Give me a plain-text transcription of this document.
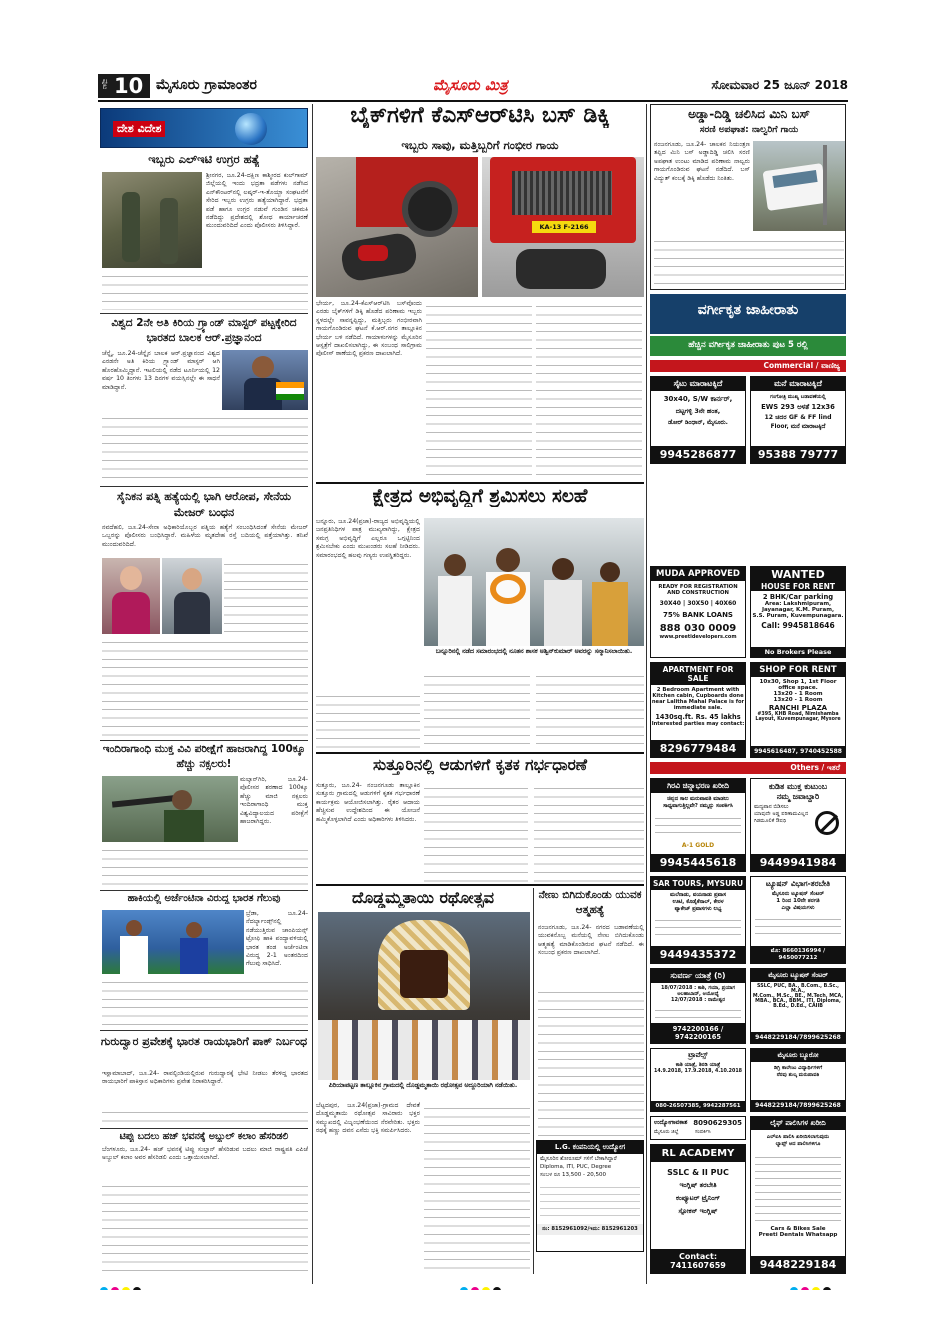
ಪುಟ 10 ಮೈಸೂರು ಗ್ರಾಮಾಂತರ	ಮೈಸೂರು ಮಿತ್ರ	ಸೋಮವಾರ 25 ಜೂನ್ 2018
ದೇಶ ವಿದೇಶ
ಇಬ್ಬರು ಎಲ್‌ಇಟಿ ಉಗ್ರರ ಹತ್ಯೆ
ಶ್ರೀನಗರ, ಜೂ.24-ದಕ್ಷಿಣ ಕಾಶ್ಮೀರದ ಕುಲ್‌ಗಾಮ್ ಜಿಲ್ಲೆಯಲ್ಲಿ ಇಂದು ಭದ್ರತಾ ಪಡೆಗಳು ನಡೆಸಿದ ಎನ್‌ಕೌಂಟರ್‌ನಲ್ಲಿ ಲಷ್ಕರ್-ಇ-ತೊಯ್ಬಾ ಸಂಘಟನೆಗೆ ಸೇರಿದ ಇಬ್ಬರು ಉಗ್ರರು ಹತ್ಯೆಯಾಗಿದ್ದಾರೆ. ಭದ್ರತಾ ಪಡೆ ಹಾಗೂ ಉಗ್ರರ ನಡುವೆ ಗುಂಡಿನ ಚಕಮಕಿ ನಡೆದಿದ್ದು ಪ್ರದೇಶದಲ್ಲಿ ಶೋಧ ಕಾರ್ಯಾಚರಣೆ ಮುಂದುವರಿದಿದೆ ಎಂದು ಪೊಲೀಸರು ತಿಳಿಸಿದ್ದಾರೆ.
ವಿಶ್ವದ 2ನೇ ಅತಿ ಕಿರಿಯ ಗ್ರ್ಯಾಂಡ್ ಮಾಸ್ಟರ್ ಪಟ್ಟಕ್ಕೇರಿದ ಭಾರತದ ಬಾಲಕ ಆರ್.ಪ್ರಜ್ಞಾನಂದ
ಚೆನ್ನೈ, ಜೂ.24-ಚೆನ್ನೈನ ಬಾಲಕ ಆರ್.ಪ್ರಜ್ಞಾನಂದ ವಿಶ್ವದ ಎರಡನೇ ಅತಿ ಕಿರಿಯ ಗ್ರ್ಯಾಂಡ್ ಮಾಸ್ಟರ್ ಆಗಿ ಹೊರಹೊಮ್ಮಿದ್ದಾನೆ. ಇಟಲಿಯಲ್ಲಿ ನಡೆದ ಟೂರ್ನಿಯಲ್ಲಿ 12 ವರ್ಷ 10 ತಿಂಗಳು 13 ದಿನಗಳ ವಯಸ್ಸಿನಲ್ಲೇ ಈ ಸಾಧನೆ ಮಾಡಿದ್ದಾನೆ.
ಸೈನಿಕನ ಪತ್ನಿ ಹತ್ಯೆಯಲ್ಲಿ ಭಾಗಿ ಆರೋಪ, ಸೇನೆಯ ಮೇಜರ್ ಬಂಧನ
ನವದೆಹಲಿ, ಜೂ.24-ಸೇನಾ ಅಧಿಕಾರಿಯೊಬ್ಬರ ಪತ್ನಿಯ ಹತ್ಯೆಗೆ ಸಂಬಂಧಿಸಿದಂತೆ ಸೇನೆಯ ಮೇಜರ್ ಒಬ್ಬರನ್ನು ಪೊಲೀಸರು ಬಂಧಿಸಿದ್ದಾರೆ. ಮಹಿಳೆಯ ಮೃತದೇಹ ರಸ್ತೆ ಬದಿಯಲ್ಲಿ ಪತ್ತೆಯಾಗಿತ್ತು. ತನಿಖೆ ಮುಂದುವರಿದಿದೆ.
ಇಂದಿರಾಗಾಂಧಿ ಮುಕ್ತ ವಿವಿ ಪರೀಕ್ಷೆಗೆ ಹಾಜರಾಗಿದ್ದ 100ಕ್ಕೂ ಹೆಚ್ಚು ನಕ್ಸಲರು!
ಮಲ್ಕಾನ್‌ಗಿರಿ, ಜೂ.24- ಪೊಲೀಸರ ಶರಣಾದ 100ಕ್ಕೂ ಹೆಚ್ಚು ಮಾಜಿ ನಕ್ಸಲರು ಇಂದಿರಾಗಾಂಧಿ ಮುಕ್ತ ವಿಶ್ವವಿದ್ಯಾಲಯದ ಪರೀಕ್ಷೆಗೆ ಹಾಜರಾಗಿದ್ದರು.
ಹಾಕಿಯಲ್ಲಿ ಅರ್ಜೆಂಟಿನಾ ವಿರುದ್ಧ ಭಾರತ ಗೆಲುವು
ಬ್ರೆಡಾ, ಜೂ.24-ನೆದರ್ಲ್ಯಾಂಡ್ಸ್‌ನಲ್ಲಿ ನಡೆಯುತ್ತಿರುವ ಚಾಂಪಿಯನ್ಸ್ ಟ್ರೋಫಿ ಹಾಕಿ ಪಂದ್ಯಾವಳಿಯಲ್ಲಿ ಭಾರತ ತಂಡ ಅರ್ಜೆಂಟಿನಾ ವಿರುದ್ಧ 2-1 ಅಂತರದಿಂದ ಗೆಲುವು ಸಾಧಿಸಿದೆ.
ಗುರುದ್ವಾರ ಪ್ರವೇಶಕ್ಕೆ ಭಾರತ ರಾಯಭಾರಿಗೆ ಪಾಕ್ ನಿರ್ಬಂಧ
ಇಸ್ಲಾಮಾಬಾದ್, ಜೂ.24- ರಾವಲ್ಪಿಂಡಿಯಲ್ಲಿರುವ ಗುರುದ್ವಾರಕ್ಕೆ ಭೇಟಿ ನೀಡಲು ತೆರಳಿದ್ದ ಭಾರತದ ರಾಯಭಾರಿಗೆ ಪಾಕಿಸ್ತಾನ ಅಧಿಕಾರಿಗಳು ಪ್ರವೇಶ ನಿರಾಕರಿಸಿದ್ದಾರೆ.
ಟಿಪ್ಪು ಬದಲು ಹಜ್ ಭವನಕ್ಕೆ ಅಬ್ದುಲ್ ಕಲಾಂ ಹೆಸರಿಡಲಿ
ಬೆಂಗಳೂರು, ಜೂ.24- ಹಜ್ ಭವನಕ್ಕೆ ಟಿಪ್ಪು ಸುಲ್ತಾನ್ ಹೆಸರಿಡುವ ಬದಲು ಮಾಜಿ ರಾಷ್ಟ್ರಪತಿ ಎಪಿಜೆ ಅಬ್ದುಲ್ ಕಲಾಂ ಅವರ ಹೆಸರಿಡಲಿ ಎಂದು ಒತ್ತಾಯಿಸಲಾಗಿದೆ.
ಬೈಕ್‌ಗಳಿಗೆ ಕೆಎಸ್ಆರ್‌ಟಿಸಿ ಬಸ್ ಡಿಕ್ಕಿ
ಇಬ್ಬರು ಸಾವು, ಮತ್ತಿಬ್ಬರಿಗೆ ಗಂಭೀರ ಗಾಯ
KA-13 F-2166
ಭೇರ್ಯ, ಜೂ.24-ಕೆಎಸ್‌ಆರ್‌ಟಿಸಿ ಬಸ್‌ವೊಂದು ಎರಡು ಬೈಕ್‌ಗಳಿಗೆ ಡಿಕ್ಕಿ ಹೊಡೆದ ಪರಿಣಾಮ ಇಬ್ಬರು ಸ್ಥಳದಲ್ಲೇ ಸಾವನ್ನಪ್ಪಿದ್ದು, ಮತ್ತಿಬ್ಬರು ಗಂಭೀರವಾಗಿ ಗಾಯಗೊಂಡಿರುವ ಘಟನೆ ಕೆ.ಆರ್.ನಗರ ತಾಲ್ಲೂಕಿನ ಭೇರ್ಯ ಬಳಿ ನಡೆದಿದೆ. ಗಾಯಾಳುಗಳನ್ನು ಮೈಸೂರಿನ ಆಸ್ಪತ್ರೆಗೆ ದಾಖಲಿಸಲಾಗಿದ್ದು, ಈ ಸಂಬಂಧ ಸಾಲಿಗ್ರಾಮ ಪೊಲೀಸ್ ಠಾಣೆಯಲ್ಲಿ ಪ್ರಕರಣ ದಾಖಲಾಗಿದೆ.
ಕ್ಷೇತ್ರದ ಅಭಿವೃದ್ಧಿಗೆ ಶ್ರಮಿಸಲು ಸಲಹೆ
ಬನ್ನೂರು, ಜೂ.24(ಪ್ರಜಾ)-ರಾಜ್ಯದ ಅಭಿವೃದ್ಧಿಯಲ್ಲಿ ಜನಪ್ರತಿನಿಧಿಗಳ ಪಾತ್ರ ಮುಖ್ಯವಾಗಿದ್ದು, ಕ್ಷೇತ್ರದ ಸಮಗ್ರ ಅಭಿವೃದ್ಧಿಗೆ ಎಲ್ಲರೂ ಒಗ್ಗಟ್ಟಿನಿಂದ ಶ್ರಮಿಸಬೇಕು ಎಂದು ಮುಖಂಡರು ಸಲಹೆ ನೀಡಿದರು. ಸಮಾರಂಭದಲ್ಲಿ ಹಲವು ಗಣ್ಯರು ಉಪಸ್ಥಿತರಿದ್ದರು.
ಬನ್ನೂರಿನಲ್ಲಿ ನಡೆದ ಸಮಾರಂಭದಲ್ಲಿ ನೂತನ ಶಾಸಕ ಅಶ್ವಿನ್‌ಕುಮಾರ್ ಅವರನ್ನು ಸನ್ಮಾನಿಸಲಾಯಿತು.
ಸುತ್ತೂರಿನಲ್ಲಿ ಆಡುಗಳಿಗೆ ಕೃತಕ ಗರ್ಭಧಾರಣೆ
ಸುತ್ತೂರು, ಜೂ.24- ನಂಜನಗೂಡು ತಾಲ್ಲೂಕಿನ ಸುತ್ತೂರು ಗ್ರಾಮದಲ್ಲಿ ಆಡುಗಳಿಗೆ ಕೃತಕ ಗರ್ಭಧಾರಣೆ ಕಾರ್ಯಕ್ರಮ ಆಯೋಜಿಸಲಾಗಿತ್ತು. ರೈತರ ಆದಾಯ ಹೆಚ್ಚಿಸುವ ಉದ್ದೇಶದಿಂದ ಈ ಯೋಜನೆ ಹಮ್ಮಿಕೊಳ್ಳಲಾಗಿದೆ ಎಂದು ಅಧಿಕಾರಿಗಳು ತಿಳಿಸಿದರು.
ದೊಡ್ಡಮ್ಮತಾಯಿ ರಥೋತ್ಸವ
ಪಿರಿಯಾಪಟ್ಟಣ ತಾಲ್ಲೂಕಿನ ಗ್ರಾಮದಲ್ಲಿ ದೊಡ್ಡಮ್ಮತಾಯಿ ರಥೋತ್ಸವ ಅದ್ದೂರಿಯಾಗಿ ನಡೆಯಿತು.
ಬೆಟ್ಟದಪುರ, ಜೂ.24(ಪ್ರಜಾ)-ಗ್ರಾಮದ ದೇವತೆ ದೊಡ್ಡಮ್ಮತಾಯಿ ರಥೋತ್ಸವ ಸಾವಿರಾರು ಭಕ್ತರ ಸಮ್ಮುಖದಲ್ಲಿ ವಿಜೃಂಭಣೆಯಿಂದ ನೆರವೇರಿತು. ಭಕ್ತರು ರಥಕ್ಕೆ ಹಣ್ಣು ದವನ ಎಸೆದು ಭಕ್ತಿ ಸಮರ್ಪಿಸಿದರು.
ನೇಣು ಬಿಗಿದುಕೊಂಡು ಯುವಕ ಆತ್ಮಹತ್ಯೆ
ನಂಜನಗೂಡು, ಜೂ.24- ನಗರದ ಬಡಾವಣೆಯಲ್ಲಿ ಯುವಕನೊಬ್ಬ ಮನೆಯಲ್ಲಿ ನೇಣು ಬಿಗಿದುಕೊಂಡು ಆತ್ಮಹತ್ಯೆ ಮಾಡಿಕೊಂಡಿರುವ ಘಟನೆ ನಡೆದಿದೆ. ಈ ಸಂಬಂಧ ಪ್ರಕರಣ ದಾಖಲಾಗಿದೆ.
L.G. ಕಂಪನಿಯಲ್ಲಿ ಉದ್ಯೋಗ
ಮೈಸೂರಿನ ಶೋರೂಮ್ ಗಳಿಗೆ ಬೇಕಾಗಿದ್ದಾರೆ
Diploma, ITI, PUC, Degree
ಸಂಬಳ ರೂ 13,500 - 20,500
ನಂ: 8152961092/ಇದು: 8152961203
ಅಡ್ಡಾ-ದಿಡ್ಡಿ ಚಲಿಸಿದ ಮಿನಿ ಬಸ್
ಸರಣಿ ಅಪಘಾತ: ನಾಲ್ವರಿಗೆ ಗಾಯ
ನಂಜನಗೂಡು, ಜೂ.24- ಚಾಲಕನ ನಿಯಂತ್ರಣ ತಪ್ಪಿದ ಮಿನಿ ಬಸ್ ಅಡ್ಡಾದಿಡ್ಡಿ ಚಲಿಸಿ ಸರಣಿ ಅಪಘಾತ ಉಂಟು ಮಾಡಿದ ಪರಿಣಾಮ ನಾಲ್ವರು ಗಾಯಗೊಂಡಿರುವ ಘಟನೆ ನಡೆದಿದೆ. ಬಸ್ ವಿದ್ಯುತ್ ಕಂಬಕ್ಕೆ ಡಿಕ್ಕಿ ಹೊಡೆದು ನಿಂತಿತು.
ವರ್ಗೀಕೃತ ಜಾಹೀರಾತು
ಹೆಚ್ಚಿನ ವರ್ಗೀಕೃತ ಜಾಹೀರಾತು ಪುಟ 5 ರಲ್ಲಿ
Commercial / ವಾಣಿಜ್ಯ
ಸೈಟು ಮಾರಾಟಕ್ಕಿದೆ
30x40, S/W ಕಾರ್ನರ್,
ದಟ್ಟಗಳ್ಳಿ 3ನೇ ಹಂತ,
ಡೋರ್ ಡಿಂಧಾನ್, ಮೈಸೂರು.
9945286877
ಮನೆ ಮಾರಾಟಕ್ಕಿದೆ
ಗಂಗೋತ್ರಿ ಮುಖ್ಯ ಬಡಾವಣೆಯಲ್ಲಿ
EWS 293 ಅಳತೆ 12x36
12 ಚದರ GF & FF lind
Floor, ಮನೆ ಮಾರಾಟಕ್ಕಿದೆ
95388 79777
MUDA APPROVED
READY FOR REGISTRATION
AND CONSTRUCTION
30X40 | 30X50 | 40X60
75% BANK LOANS
888 030 0009
www.preetidevelopers.com
WANTED
HOUSE FOR RENT
2 BHK/Car parking
Area: Lakshmipuram,
Jayanagar, K.M. Puram,
S.S. Puram, Kuvempunagara.
Call: 9945818646
No Brokers Please
APARTMENT FOR SALE
2 Bedroom Apartment with
Kitchen cabin, Cupboards done
near Lalitha Mahal Palace is for
immediate sale.
1430sq.ft. Rs. 45 lakhs
Interested parties may contact:
8296779484
SHOP FOR RENT
10x30, Shop 1, 1st Floor
office space.
13x20 - 1 Room
13x20 - 1 Room
RANCHI PLAZA
#395, KHB Road, Nimishamba
Layout, Kuvempunagar, Mysore
9945616487, 9740452588
Others / ಇತರೆ
ಗಿರವಿ ಚಿನ್ನಾಭರಣ ಖರೀದಿ
ಚಿನ್ನದ ಸಾಲ ಮರುಪಾವತಿ ಮಾಡಲು
ಸಾಧ್ಯವಾಗುತ್ತಿಲ್ಲವೇ? ನಮ್ಮನ್ನು ಸಂಪರ್ಕಿಸಿ
A-1 GOLD
9945445618
ಕುಡಿತ ಮುಕ್ತ ಕುಟುಂಬ
ನಮ್ಮ ಜವಾಬ್ದಾರಿ
ಮದ್ಯಪಾನ ಬಿಡಿಸಲು
ಯಾವುದೇ ಅಡ್ಡ ಪರಿಣಾಮವಿಲ್ಲದ
ಗಿಡಮೂಲಿಕೆ ಔಷಧಿ
9449941984
SAR TOURS, MYSURU
ಮಲೆನಾಡು, ವಯನಾಡು ಪ್ರವಾಸ
ಊಟಿ, ಕೊಡೈಕೆನಾಲ್, ಕೇರಳ
ಪ್ಯಾಕೇಜ್ ಪ್ರವಾಸಗಳು ಲಭ್ಯ
9449435372
ಟ್ಯೂಷನ್ ವಿಭಾಗ-ತರಬೇತಿ
ಮೈಸೂರು ಟ್ಯೂಷನ್ ಸೆಂಟರ್
1 ರಿಂದ 10ನೇ ತರಗತಿ
ಎಲ್ಲಾ ವಿಷಯಗಳು
ಮೊ: 8660136994 / 9450077212
ಸುವರ್ಣ ಯಾತ್ರೆ (ರಿ)
18/07/2018 : ಕಾಶಿ, ಗಯಾ, ಪ್ರಯಾಗ
ಅಲಹಾಬಾದ್, ಅಯೋಧ್ಯೆ
12/07/2018 : ರಾಮೇಶ್ವರ
9742200166 / 9742200165
ಮೈಸೂರು ಟ್ಯೂಷನ್ ಸೆಂಟರ್
SSLC, PUC, BA., B.Com., B.Sc., M.A.,
M.Com., M.Sc., BE., M.Tech, MCA,
MBA., BCA., BBM., ITI, Diploma,
B.Ed., D.Ed., CAIIB
9448229184/7899625268
ಟ್ರಾವೆಲ್ಸ್
ಕಾಶಿ ಯಾತ್ರೆ, ಶಿರಡಿ ಯಾತ್ರೆ
14.9.2018, 17.9.2018, 4.10.2018
080-26507385, 9942287561
ಮೈಸೂರು ಬ್ಯೂರೋ
ಡಿಗ್ರಿ ಕಾಲೇಜು ವಿದ್ಯಾರ್ಥಿಗಳಿಗೆ
ನೆರವು ಶುಲ್ಕ ಮರುಪಾವತಿ
9448229184/7899625268
ಉದ್ಯೋಗಾವಕಾಶ
ಮೈಸೂರು ಜಿಲ್ಲೆ	ಸಂಪರ್ಕಿಸಿ
8090629305
RL ACADEMY
SSLC & II PUC
ಇಂಗ್ಲಿಷ್ ತರಬೇತಿ
ಕಂಪ್ಯೂಟರ್ ಟ್ರೈನಿಂಗ್
ಸ್ಪೋಕನ್ ಇಂಗ್ಲಿಷ್
Contact: 7411607659
ಲೈಫ್ ಪಾಲಿಸಿಗಳ ಖರೀದಿ
ಎಲ್ಐಸಿ ಪಾಲಿಸಿ ಖರೀದಿಸಲಾಗುವುದು
ಲ್ಯಾಪ್ಸ್ ಆದ ಪಾಲಿಸಿಗಳಿಗೂ
Cars & Bikes Sale
Preeti Dentals Whatsapp
9448229184
